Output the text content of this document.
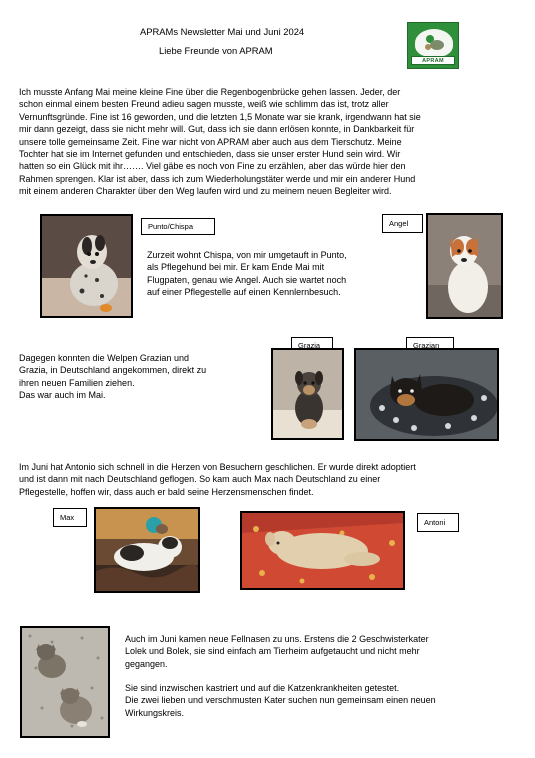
APRAMs Newsletter Mai und Juni 2024
Liebe Freunde von APRAM
APRAM
Ich musste Anfang Mai meine kleine Fine über die Regenbogenbrücke gehen lassen. Jeder, der
schon einmal einem besten Freund adieu sagen musste, weiß wie schlimm das ist, trotz aller
Vernunftsgründe. Fine ist 16 geworden, und die letzten 1,5 Monate war sie krank, irgendwann hat sie
mir dann gezeigt, dass sie nicht mehr will. Gut, dass ich sie dann erlösen konnte, in Dankbarkeit für
unsere tolle gemeinsame Zeit. Fine war nicht von APRAM aber auch aus dem Tierschutz. Meine
Tochter hat sie im Internet gefunden und entschieden, dass sie unser erster Hund sein wird. Wir
hatten so ein Glück mit ihr……. Viel gäbe es noch von Fine zu erzählen, aber das würde hier den
Rahmen sprengen. Klar ist aber, dass ich zum Wiederholungstäter werde und mir ein anderer Hund
mit einem anderen Charakter über den Weg laufen wird und zu meinem neuen Begleiter wird.
Punto/Chispa	Angel
Zurzeit wohnt Chispa, von mir umgetauft in Punto,
als Pflegehund bei mir. Er kam Ende Mai mit
Flugpaten, genau wie Angel. Auch sie wartet noch
auf einer Pflegestelle auf einen Kennlernbesuch.
Dagegen konnten die Welpen Grazian und
Grazia, in Deutschland angekommen, direkt zu
ihren neuen Familien ziehen.
Das war auch im Mai.
Grazia	Grazian
Im Juni hat Antonio sich schnell in die Herzen von Besuchern geschlichen. Er wurde direkt adoptiert
und ist dann mit nach Deutschland geflogen. So kam auch Max nach Deutschland zu einer
Pflegestelle, hoffen wir, dass auch er bald seine Herzensmenschen findet.
Max
Antoni
Auch im Juni kamen neue Fellnasen zu uns. Erstens die 2 Geschwisterkater
Lolek und Bolek, sie sind einfach am Tierheim aufgetaucht und nicht mehr
gegangen.
Sie sind inzwischen kastriert und auf die Katzenkrankheiten getestet.
Die zwei lieben und verschmusten Kater suchen nun gemeinsam einen neuen
Wirkungskreis.
